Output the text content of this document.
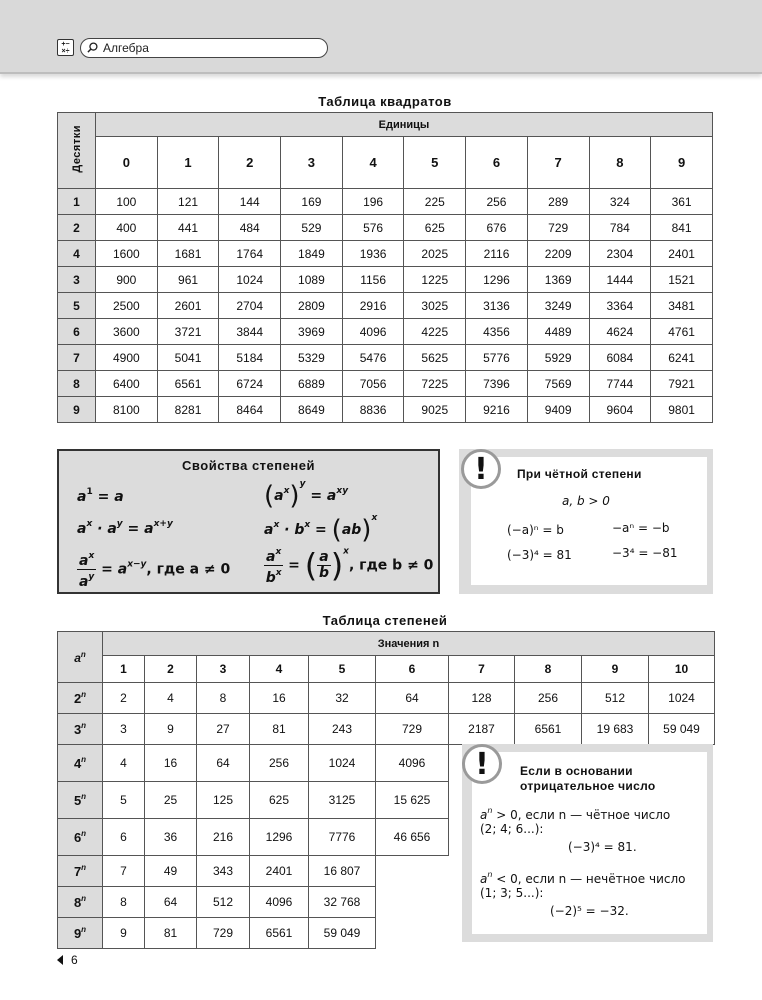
+−
×÷	Алгебра
Таблица квадратов
Десятки	Единицы									
	0	1	2	3	4	5	6	7	8	9
1	100	121	144	169	196	225	256	289	324	361
2	400	441	484	529	576	625	676	729	784	841
4	1600	1681	1764	1849	1936	2025	2116	2209	2304	2401
3	900	961	1024	1089	1156	1225	1296	1369	1444	1521
5	2500	2601	2704	2809	2916	3025	3136	3249	3364	3481
6	3600	3721	3844	3969	4096	4225	4356	4489	4624	4761
7	4900	5041	5184	5329	5476	5625	5776	5929	6084	6241
8	6400	6561	6724	6889	7056	7225	7396	7569	7744	7921
9	8100	8281	8464	8649	8836	9025	9216	9409	9604	9801
Свойства степеней
$a^1 = a$	$(a^x)^y = a^{xy}$
$a^x \cdot a^y = a^{x+y}$	$a^x \cdot b^x = (ab)^x$
$\frac{a^x}{a^y} = a^{x-y}$, где $a \ne 0 \frac{a^x}{b^x}$ = ( $\frac{a}{b} )^x$, где b ≠ 0
!	При чётной степени
a, b > 0
(−a)ⁿ = b	−aⁿ = −b
(−3)⁴ = 81	−3⁴ = −81
Таблица степеней
$a^n$	Значения n									
	1	2	3	4	5	6	7	8	9	10
2$^n$	2	4	8	16	32	64	128	256	512	1024
3$^n$	3	9	27	81	243	729	2187	6561	19 683	59 049
4$^n$	4	16	64	256	1024	4096				
5$^n$	5	25	125	625	3125	15 625				
6$^n$	6	36	216	1296	7776	46 656				
7$^n$	7	49	343	2401	16 807					
8$^n$	8	64	512	4096	32 768					
9$^n$	9	81	729	6561	59 049					
!	Если в основании
отрицательное число
$a^n > 0$, если n — чётное число
(2; 4; 6...):
(−3)⁴ = 81.
$a^n < 0$, если n — нечётное число
(1; 3; 5...):
(−2)⁵ = −32.
6
